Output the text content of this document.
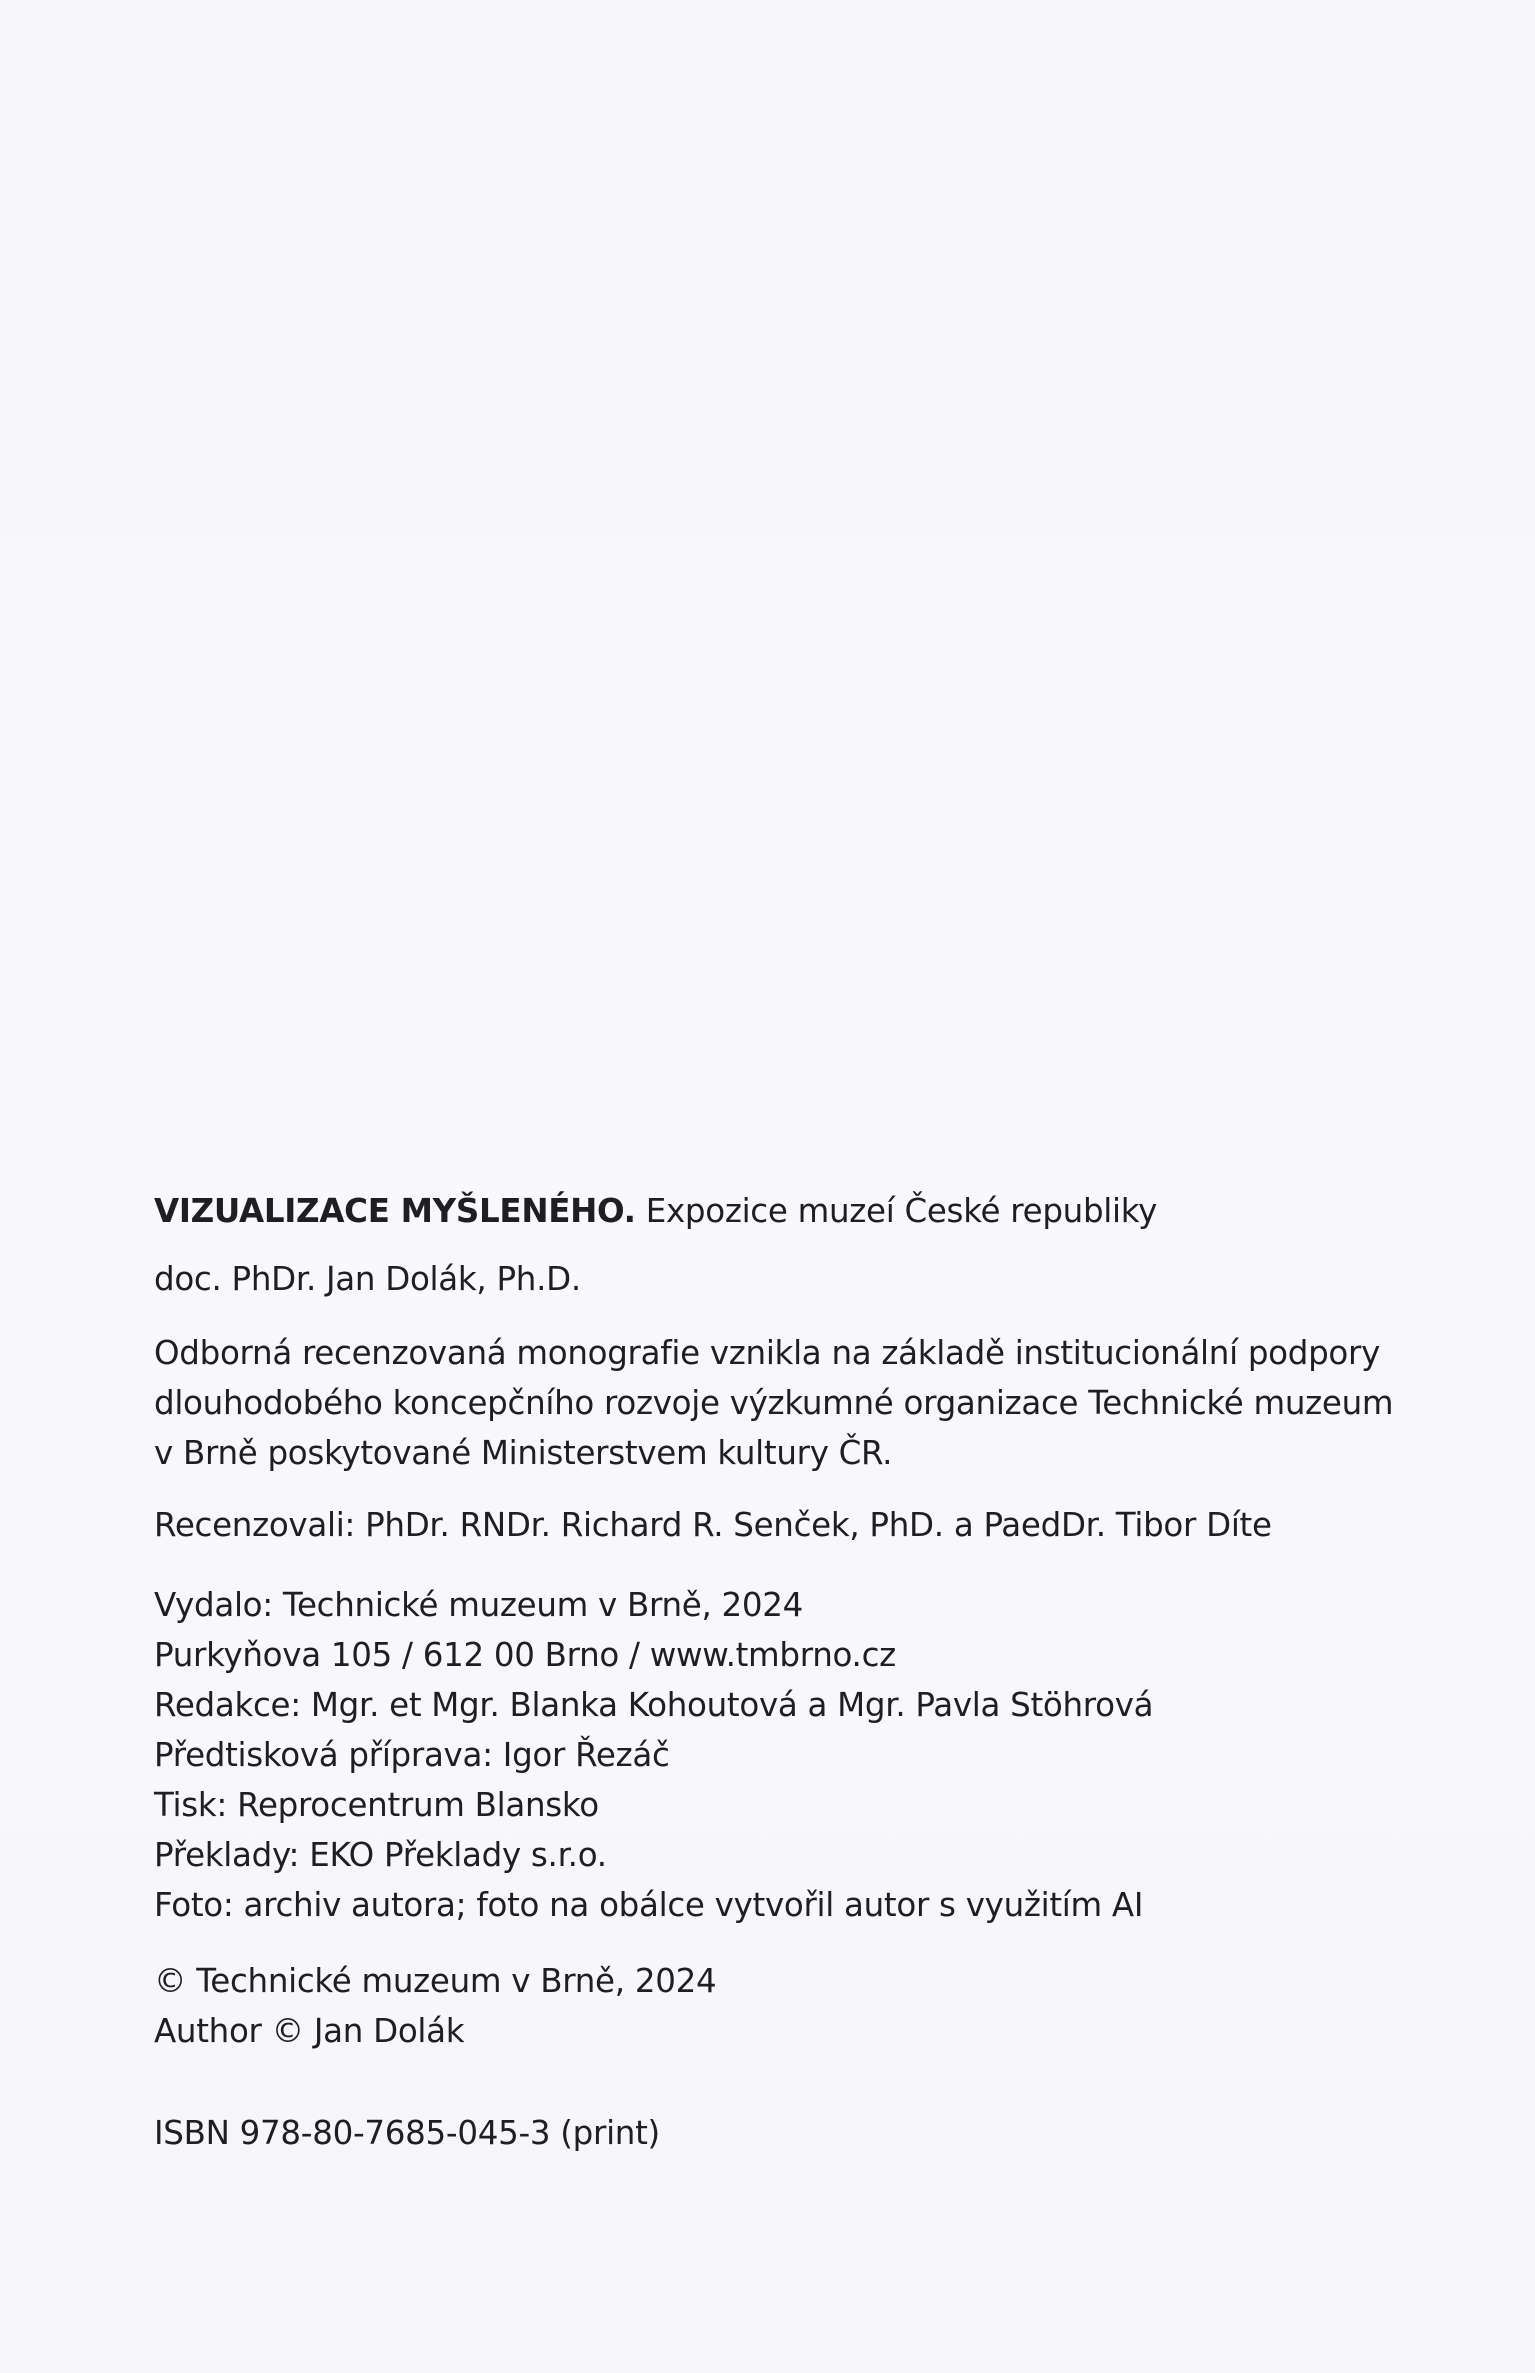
VIZUALIZACE MYŠLENÉHO. Expozice muzeí České republiky

doc. PhDr. Jan Dolák, Ph.D.

Odborná recenzovaná monografie vznikla na základě institucionální podpory

dlouhodobého koncepčního rozvoje výzkumné organizace Technické muzeum

v Brně poskytované Ministerstvem kultury ČR.

Recenzovali: PhDr. RNDr. Richard R. Senček, PhD. a PaedDr. Tibor Díte

Vydalo: Technické muzeum v Brně, 2024

Purkyňova 105 / 612 00 Brno / www.tmbrno.cz

Redakce: Mgr. et Mgr. Blanka Kohoutová a Mgr. Pavla Stöhrová

Předtisková příprava: Igor Řezáč

Tisk: Reprocentrum Blansko

Překlady: EKO Překlady s.r.o.

Foto: archiv autora; foto na obálce vytvořil autor s využitím AI

© Technické muzeum v Brně, 2024

Author © Jan Dolák

ISBN 978-80-7685-045-3 (print)
